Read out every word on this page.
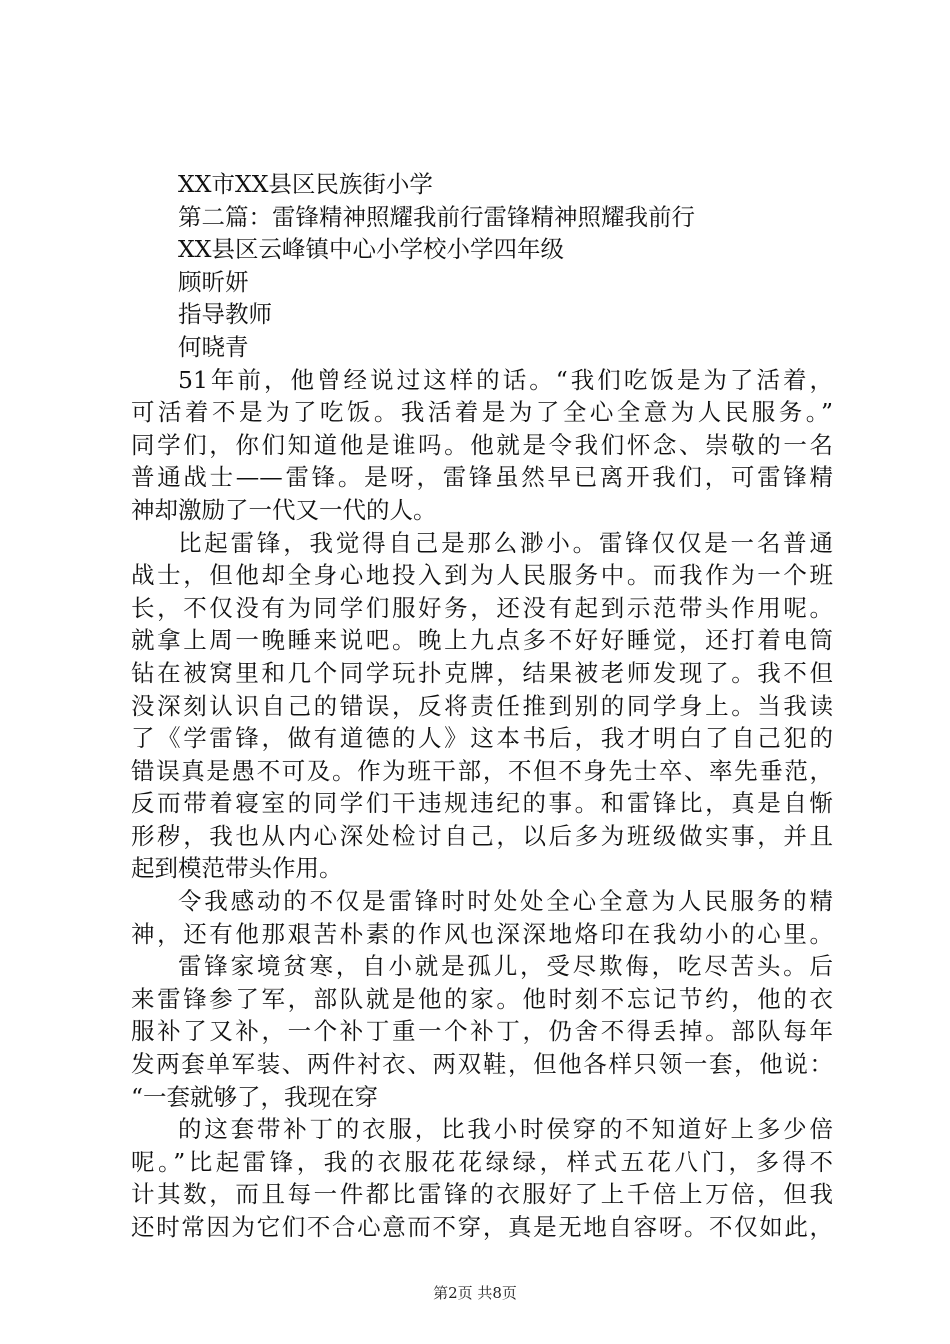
XX市XX县区民族街小学
第二篇：雷锋精神照耀我前行雷锋精神照耀我前行
XX县区云峰镇中心小学校小学四年级
顾昕妍
指导教师
何晓青
51年前，他曾经说过这样的话。“我们吃饭是为了活着，
可活着不是为了吃饭。我活着是为了全心全意为人民服务。”
同学们，你们知道他是谁吗。他就是令我们怀念、崇敬的一名
普通战士——雷锋。是呀，雷锋虽然早已离开我们，可雷锋精
神却激励了一代又一代的人。
比起雷锋，我觉得自己是那么渺小。雷锋仅仅是一名普通
战士，但他却全身心地投入到为人民服务中。而我作为一个班
长，不仅没有为同学们服好务，还没有起到示范带头作用呢。
就拿上周一晚睡来说吧。晚上九点多不好好睡觉，还打着电筒
钻在被窝里和几个同学玩扑克牌，结果被老师发现了。我不但
没深刻认识自己的错误，反将责任推到别的同学身上。当我读
了《学雷锋，做有道德的人》这本书后，我才明白了自己犯的
错误真是愚不可及。作为班干部，不但不身先士卒、率先垂范，
反而带着寝室的同学们干违规违纪的事。和雷锋比，真是自惭
形秽，我也从内心深处检讨自己，以后多为班级做实事，并且
起到模范带头作用。
令我感动的不仅是雷锋时时处处全心全意为人民服务的精
神，还有他那艰苦朴素的作风也深深地烙印在我幼小的心里。
雷锋家境贫寒，自小就是孤儿，受尽欺侮，吃尽苦头。后
来雷锋参了军，部队就是他的家。他时刻不忘记节约，他的衣
服补了又补，一个补丁重一个补丁，仍舍不得丢掉。部队每年
发两套单军装、两件衬衣、两双鞋，但他各样只领一套，他说：
“一套就够了，我现在穿
的这套带补丁的衣服，比我小时侯穿的不知道好上多少倍
呢。”比起雷锋，我的衣服花花绿绿，样式五花八门，多得不
计其数，而且每一件都比雷锋的衣服好了上千倍上万倍，但我
还时常因为它们不合心意而不穿，真是无地自容呀。不仅如此，
第2页 共8页
